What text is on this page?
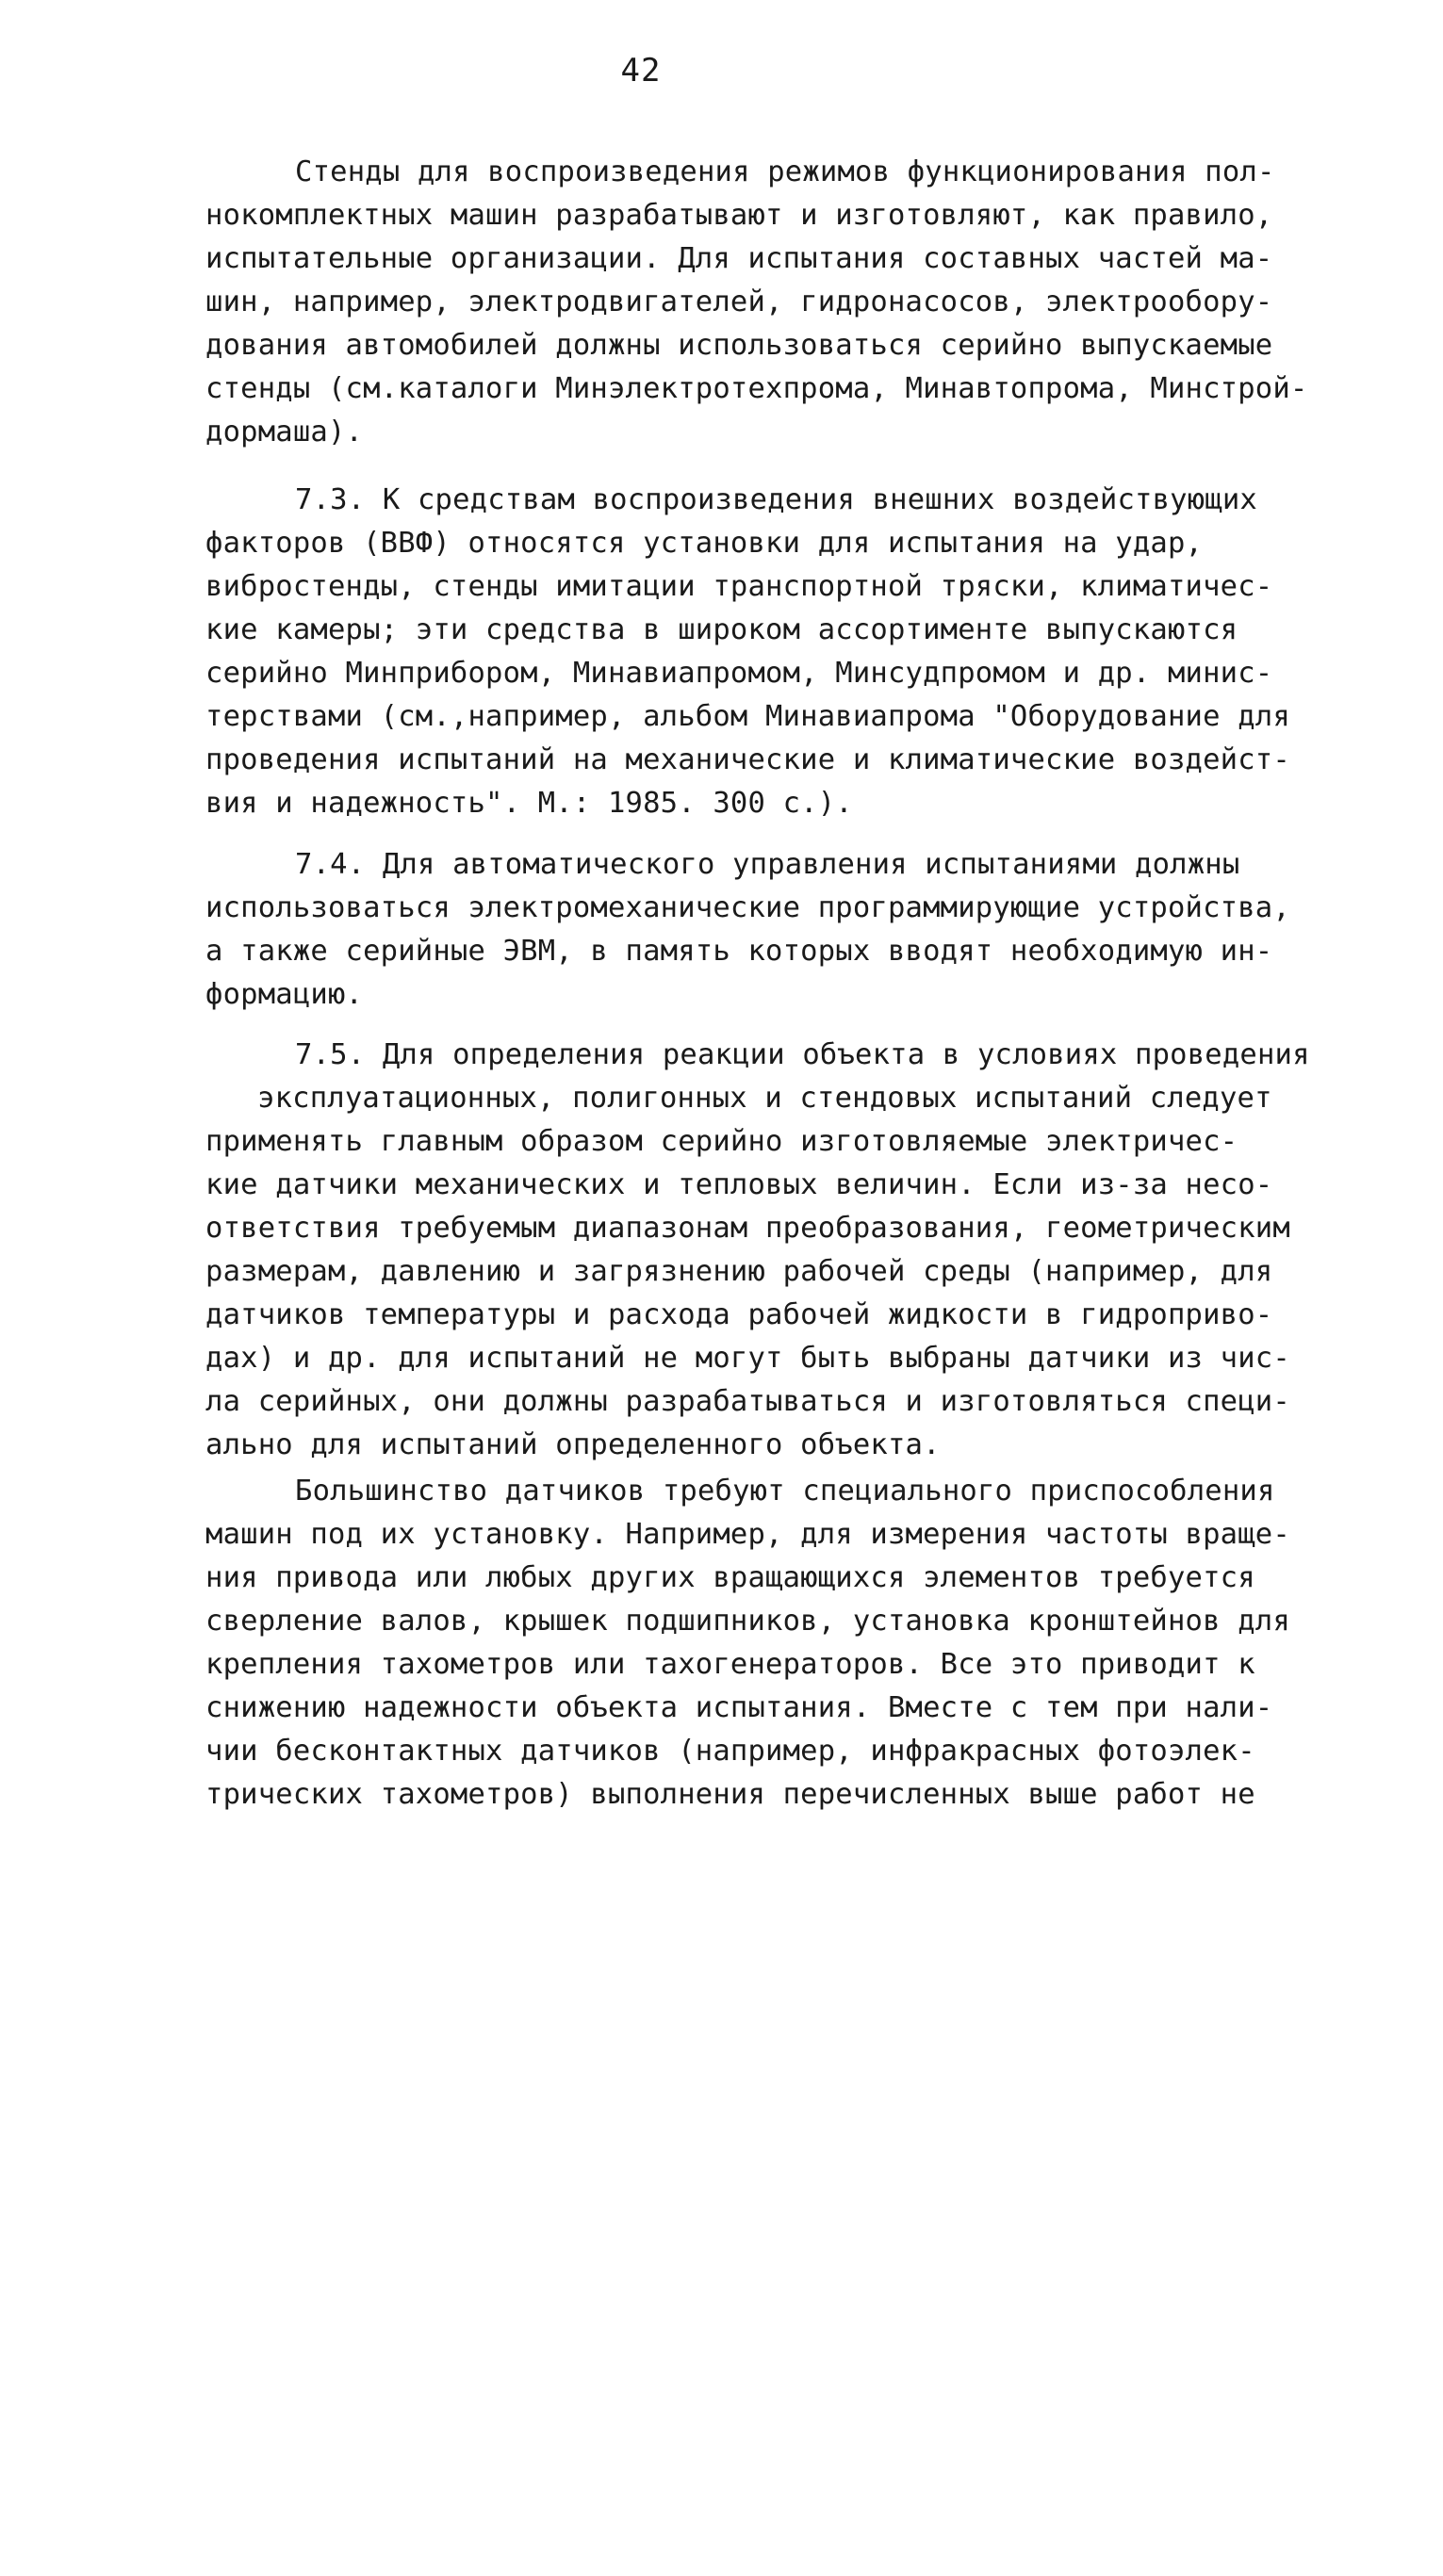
42
Стенды для воспроизведения режимов функционирования пол-
нокомплектных машин разрабатывают и изготовляют, как правило,
испытательные организации. Для испытания составных частей ма-
шин, например, электродвигателей, гидронасосов, электрообору-
дования автомобилей должны использоваться серийно выпускаемые
стенды (см.каталоги Минэлектротехпрома, Минавтопрома, Минстрой-
дормаша).
7.3. К средствам воспроизведения внешних воздействующих
факторов (ВВФ) относятся установки для испытания на удар,
вибростенды, стенды имитации транспортной тряски, климатичес-
кие камеры; эти средства в широком ассортименте выпускаются
серийно Минприбором, Минавиапромом, Минсудпромом и др. минис-
терствами (см.,например, альбом Минавиапрома "Оборудование для
проведения испытаний на механические и климатические воздейст-
вия и надежность". М.: 1985. 300 с.).
7.4. Для автоматического управления испытаниями должны
использоваться электромеханические программирующие устройства,
а также серийные ЭВМ, в память которых вводят необходимую ин-
формацию.
7.5. Для определения реакции объекта в условиях проведения
эксплуатационных, полигонных и стендовых испытаний следует
применять главным образом серийно изготовляемые электричес-
кие датчики механических и тепловых величин. Если из-за несо-
ответствия требуемым диапазонам преобразования, геометрическим
размерам, давлению и загрязнению рабочей среды (например, для
датчиков температуры и расхода рабочей жидкости в гидроприво-
дах) и др. для испытаний не могут быть выбраны датчики из чис-
ла серийных, они должны разрабатываться и изготовляться специ-
ально для испытаний определенного объекта.
Большинство датчиков требуют специального приспособления
машин под их установку. Например, для измерения частоты враще-
ния привода или любых других вращающихся элементов требуется
сверление валов, крышек подшипников, установка кронштейнов для
крепления тахометров или тахогенераторов. Все это приводит к
снижению надежности объекта испытания. Вместе с тем при нали-
чии бесконтактных датчиков (например, инфракрасных фотоэлек-
трических тахометров) выполнения перечисленных выше работ не
